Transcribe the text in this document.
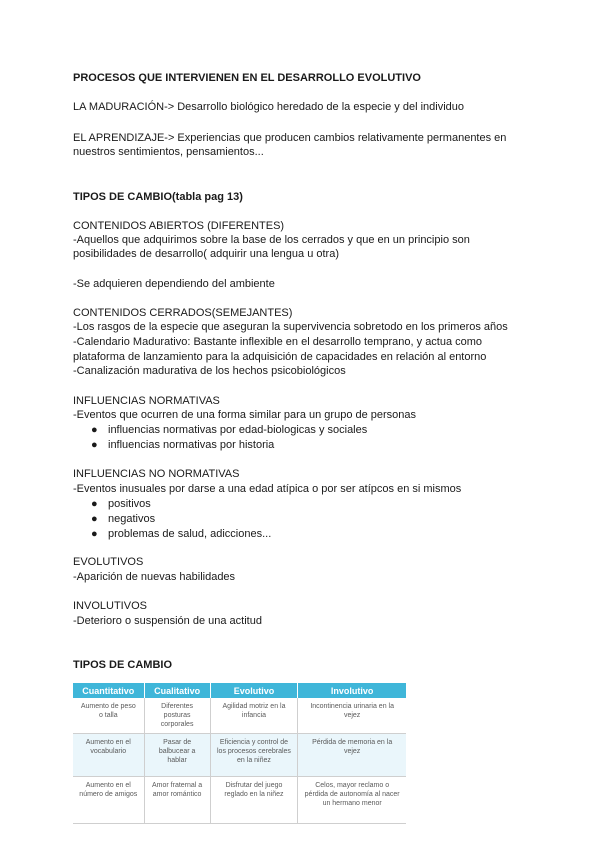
PROCESOS QUE INTERVIENEN EN EL DESARROLLO EVOLUTIVO
LA MADURACIÓN-> Desarrollo biológico heredado de la especie y del individuo
EL APRENDIZAJE-> Experiencias que producen cambios relativamente permanentes en
nuestros sentimientos, pensamientos...
TIPOS DE CAMBIO(tabla pag 13)
CONTENIDOS ABIERTOS (DIFERENTES)
-Aquellos que adquirimos sobre la base de los cerrados y que en un principio son
posibilidades de desarrollo( adquirir una lengua u otra)
-Se adquieren dependiendo del ambiente
CONTENIDOS CERRADOS(SEMEJANTES)
-Los rasgos de la especie que aseguran la supervivencia sobretodo en los primeros años
-Calendario Madurativo: Bastante inflexible en el desarrollo temprano, y actua como
plataforma de lanzamiento para la adquisición de capacidades en relación al entorno
-Canalización madurativa de los hechos psicobiológicos
INFLUENCIAS NORMATIVAS
-Eventos que ocurren de una forma similar para un grupo de personas
● influencias normativas por edad-biologicas y sociales
● influencias normativas por historia
INFLUENCIAS NO NORMATIVAS
-Eventos inusuales por darse a una edad atípica o por ser atípcos en si mismos
● positivos
● negativos
● problemas de salud, adicciones...
EVOLUTIVOS
-Aparición de nuevas habilidades
INVOLUTIVOS
-Deterioro o suspensión de una actitud
TIPOS DE CAMBIO
Cuantitativo	Cualitativo	Evolutivo	Involutivo
Aumento de peso o talla	Diferentes posturas corporales	Agilidad motriz en la infancia	Incontinencia urinaria en la vejez
Aumento en el vocabulario	Pasar de balbucear a hablar	Eficiencia y control de los procesos cerebrales en la niñez	Pérdida de memoria en la vejez
Aumento en el número de amigos	Amor fraternal a amor romántico	Disfrutar del juego reglado en la niñez	Celos, mayor reclamo o pérdida de autonomía al nacer un hermano menor
